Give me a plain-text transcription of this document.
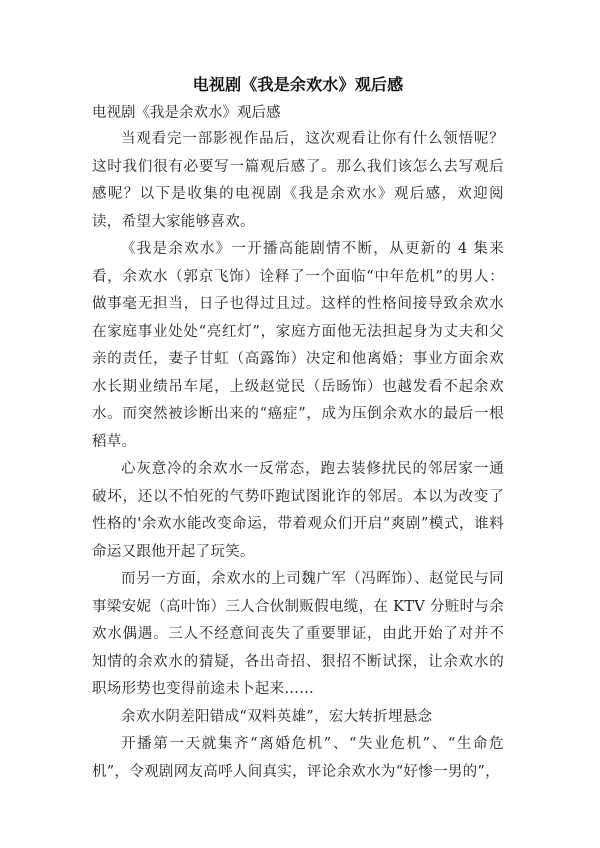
电视剧《我是余欢水》观后感
电视剧《我是余欢水》观后感

当观看完一部影视作品后，这次观看让你有什么领悟呢？这时我们很有必要写一篇观后感了。那么我们该怎么去写观后感呢？以下是收集的电视剧《我是余欢水》观后感，欢迎阅读，希望大家能够喜欢。

《我是余欢水》一开播高能剧情不断，从更新的 4 集来看，余欢水（郭京飞饰）诠释了一个面临“中年危机”的男人：做事毫无担当，日子也得过且过。这样的性格间接导致余欢水在家庭事业处处“亮红灯”，家庭方面他无法担起身为丈夫和父亲的责任，妻子甘虹（高露饰）决定和他离婚；事业方面余欢水长期业绩吊车尾，上级赵觉民（岳旸饰）也越发看不起余欢水。而突然被诊断出来的“癌症”，成为压倒余欢水的最后一根稻草。

心灰意冷的余欢水一反常态，跑去装修扰民的邻居家一通破坏，还以不怕死的气势吓跑试图讹诈的邻居。本以为改变了性格的'余欢水能改变命运，带着观众们开启“爽剧”模式，谁料命运又跟他开起了玩笑。

而另一方面，余欢水的上司魏广军（冯晖饰）、赵觉民与同事梁安妮（高叶饰）三人合伙制贩假电缆，在 KTV 分赃时与余欢水偶遇。三人不经意间丧失了重要罪证，由此开始了对并不知情的余欢水的猜疑，各出奇招、狠招不断试探，让余欢水的职场形势也变得前途未卜起来……

余欢水阴差阳错成“双料英雄”，宏大转折埋悬念

开播第一天就集齐“离婚危机”、“失业危机”、“生命危机”，令观剧网友高呼人间真实，评论余欢水为“好惨一男的”，
